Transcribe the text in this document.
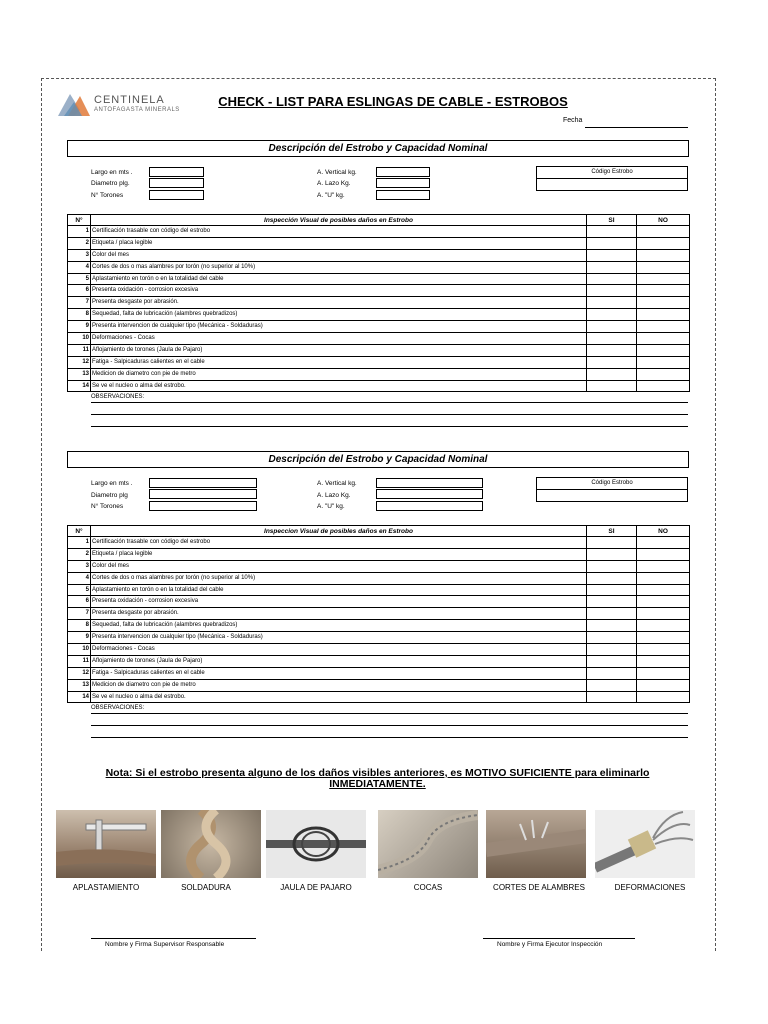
CENTINELA
ANTOFAGASTA MINERALS
CHECK - LIST PARA ESLINGAS DE CABLE - ESTROBOS
Fecha
Descripción del Estrobo y Capacidad Nominal
Largo en mts .
Diametro plg.
N° Torones
A. Vertical kg.
A. Lazo Kg.
A. "U" kg.
Código Estrobo
N°	Inspección Visual de posibles daños en Estrobo	SI	NO
1	Certificación trasable con código del estrobo		
2	Etiqueta / placa legible		
3	Color del mes		
4	Cortes de dos o mas alambres por torón (no superior al 10%)		
5	Aplastamiento en torón o en la totalidad del cable		
6	Presenta oxidación - corrosion excesiva		
7	Presenta desgaste por abrasión.		
8	Sequedad, falta de lubricación (alambres quebradizos)		
9	Presenta intervencion de cualquier tipo (Mecánica - Soldaduras)		
10	Deformaciones - Cocas		
11	Aflojamiento de torones (Jaula de Pajaro)		
12	Fatiga - Salpicaduras calientes en el cable		
13	Medicion de diametro con pie de metro		
14	Se ve el nucleo o alma del estrobo.		
OBSERVACIONES:
Descripción del Estrobo y Capacidad Nominal
Largo en mts .
Diametro plg
N° Torones
A. Vertical kg.
A. Lazo Kg.
A. "U" kg.
Código Estrobo
N°	Inspeccion Visual de posibles daños en Estrobo	SI	NO
1	Certificación trasable con código del estrobo		
2	Etiqueta / placa legible		
3	Color del mes		
4	Cortes de dos o mas alambres por torón (no superior al 10%)		
5	Aplastamiento en torón o en la totalidad del cable		
6	Presenta oxidación - corrosion excesiva		
7	Presenta desgaste por abrasión.		
8	Sequedad, falta de lubricación (alambres quebradizos)		
9	Presenta intervencion de cualquier tipo (Mecánica - Soldaduras)		
10	Deformaciones - Cocas		
11	Aflojamiento de torones (Jaula de Pajaro)		
12	Fatiga - Salpicaduras calientes en el cable		
13	Medicion de diametro con pie de metro		
14	Se ve el nucleo o alma del estrobo.		
OBSERVACIONES:
Nota: Si el estrobo presenta alguno de los daños visibles anteriores, es MOTIVO SUFICIENTE para eliminarlo INMEDIATAMENTE.
APLASTAMIENTO	SOLDADURA	JAULA DE PAJARO	COCAS	CORTES DE ALAMBRES	DEFORMACIONES
Nombre y Firma Supervisor Responsable	Nombre y Firma Ejecutor Inspección
